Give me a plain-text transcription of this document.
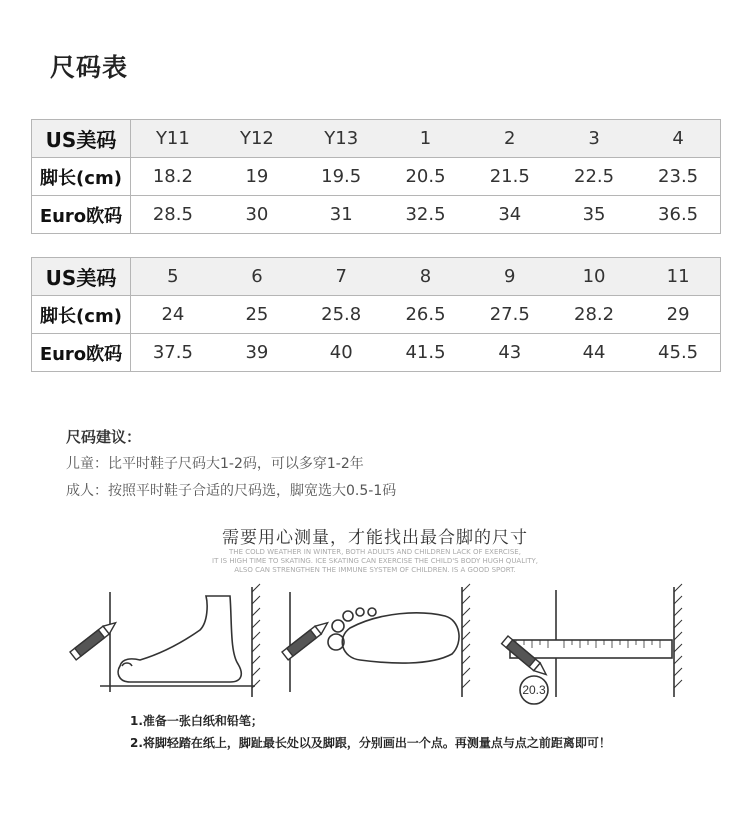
尺码表
US美码	Y11	Y12	Y13	1	2	3	4
脚长(cm)	18.2	19	19.5	20.5	21.5	22.5	23.5
Euro欧码	28.5	30	31	32.5	34	35	36.5
US美码	5	6	7	8	9	10	11
脚长(cm)	24	25	25.8	26.5	27.5	28.2	29
Euro欧码	37.5	39	40	41.5	43	44	45.5
尺码建议：
儿童：比平时鞋子尺码大1-2码，可以多穿1-2年
成人：按照平时鞋子合适的尺码选，脚宽选大0.5-1码
需要用心测量，才能找出最合脚的尺寸
THE COLD WEATHER IN WINTER, BOTH ADULTS AND CHILDREN LACK OF EXERCISE,
IT IS HIGH TIME TO SKATING. ICE SKATING CAN EXERCISE THE CHILD'S BODY HUGH QUALITY,
ALSO CAN STRENGTHEN THE IMMUNE SYSTEM OF CHILDREN. IS A GOOD SPORT.
20.3
1.准备一张白纸和铅笔；
2.将脚轻踏在纸上，脚趾最长处以及脚跟，分别画出一个点。再测量点与点之前距离即可！
